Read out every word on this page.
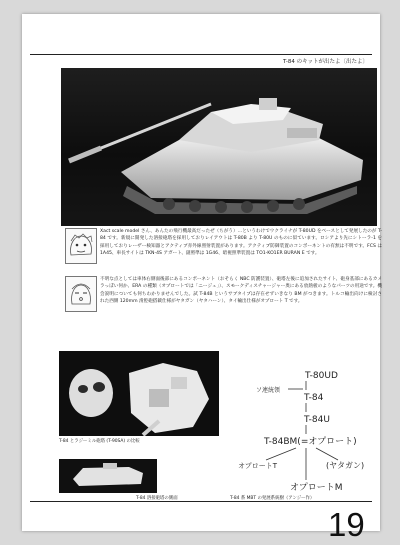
T-84 のキットが出たよ〔出たよ〕

Xact scale model さん、あんたの飛行機最高だったぜ（ちがう）…というわけでウクライナが T-80UD をベースとして発展したのが T-84 です。新規に開発した溶接砲塔を採用しておりレイアウトは T-80B より T-80U のものに似ています。ロシアより先にシトーラ-1 を採用しておりレーザー検知器とアクティブ赤外線照射装置があります。アクティブ防御装置のコンポーネントの有無は不明です。FCS は 1A45、車長サイトは TKN-4S アガート、副照準は 1G46、暗視照準装置は TO1-KO1ER BURAN E です。

不明な点としては車体右側面後部にあるコンポーネント（おそらく NBC 防護装置）、砲塔左後に追加されたサイト、砲身基部にあるカメラっぽい何か、ERA の種類（オプロートでは「ニージュ」）、スモークディスチャージャー奥にある放熱板のようなパーツの用途です。機会説明についても何ちわかりませんでした。試 T-84B というサブタイプは存在せずいきなり BM がつきます。トルコ輸出向けに検討された西側 120mm 滑腔砲搭載仕様がヤタガン（ヤタハーン）、タイ輸出仕様がオプロート T です。

T-84 とラジーミル砲塔 (T-90SA) の比較
T-84 溶接砲塔の側面
ソ連統領
T-80UD
T-84
T-84U
T-84BM(=オプロート)
オプロートT	(ヤタガン)
オプロートM
T-84 系 MBT の発展系統樹（アンジー作）
19
